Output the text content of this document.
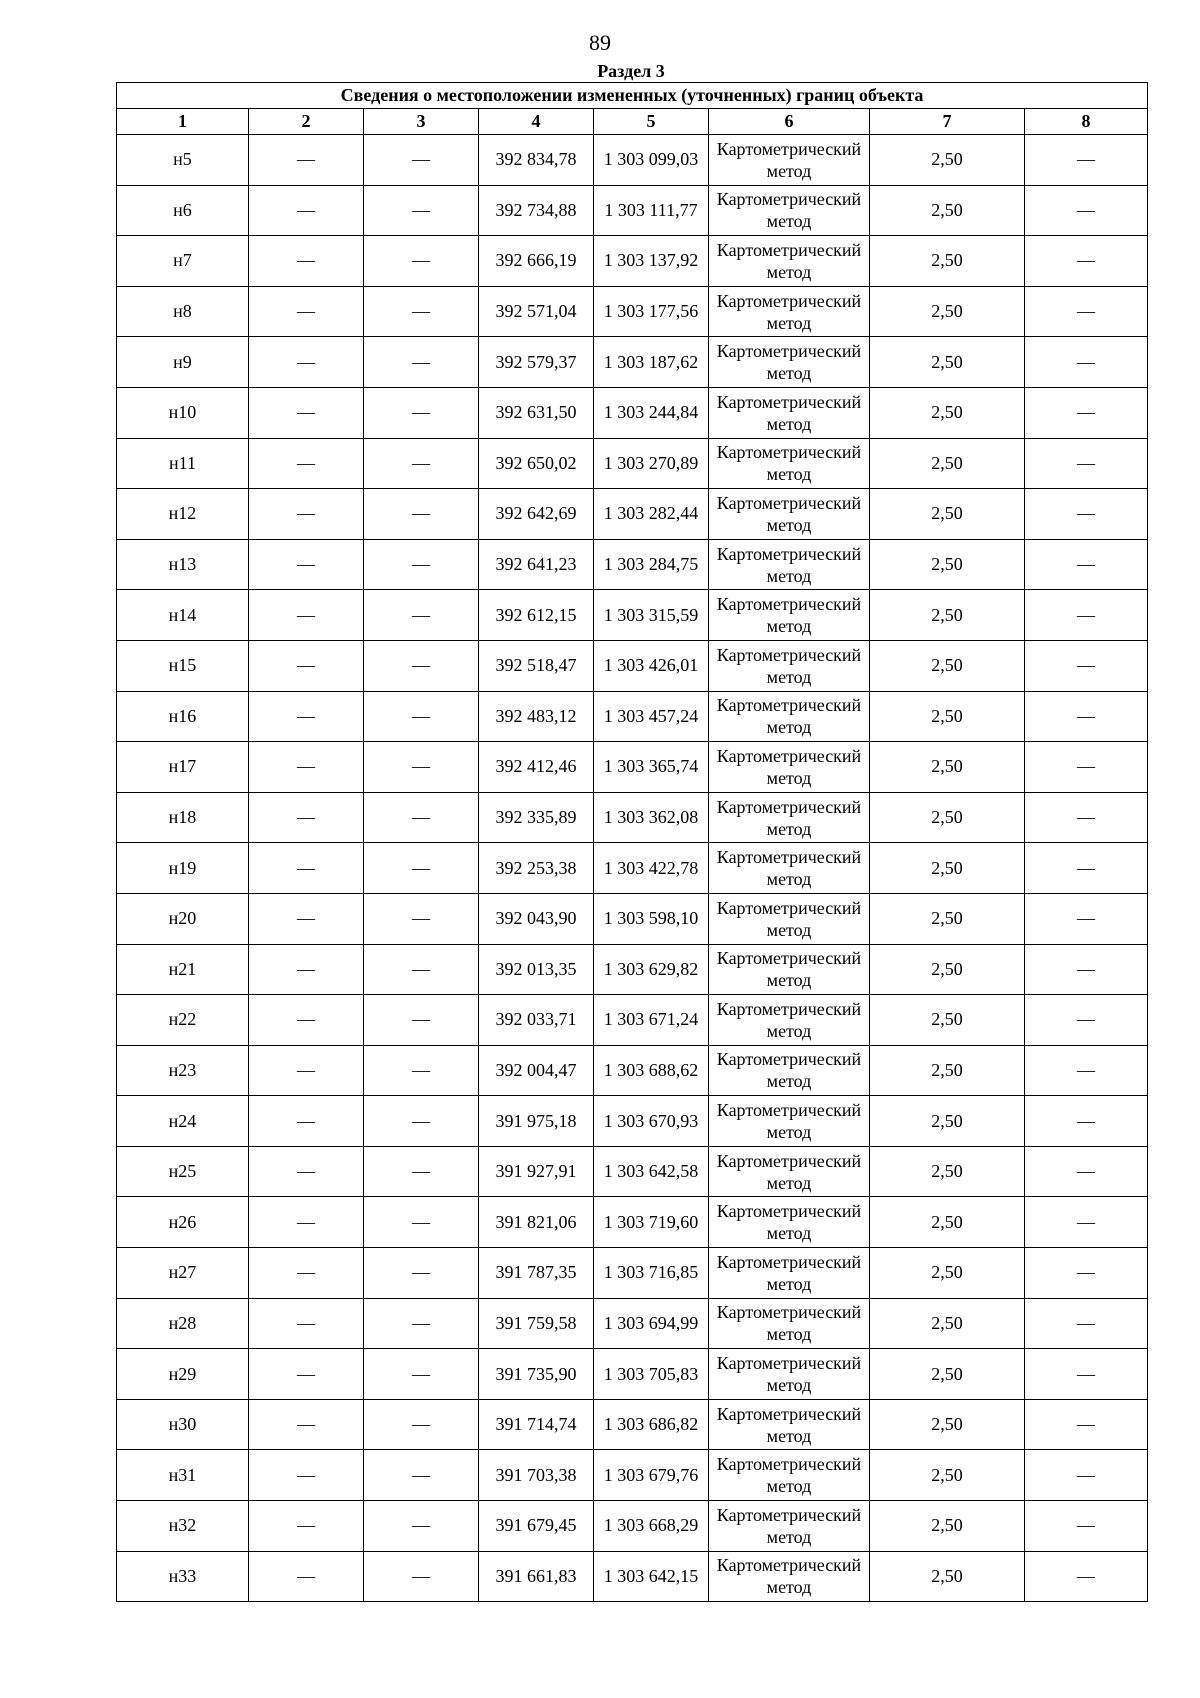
89
Раздел 3
Сведения о местоположении измененных (уточненных) границ объекта							
1	2	3	4	5	6	7	8
н5	—	—	392 834,78	1 303 099,03	Картометрический метод	2,50	—
н6	—	—	392 734,88	1 303 111,77	Картометрический метод	2,50	—
н7	—	—	392 666,19	1 303 137,92	Картометрический метод	2,50	—
н8	—	—	392 571,04	1 303 177,56	Картометрический метод	2,50	—
н9	—	—	392 579,37	1 303 187,62	Картометрический метод	2,50	—
н10	—	—	392 631,50	1 303 244,84	Картометрический метод	2,50	—
н11	—	—	392 650,02	1 303 270,89	Картометрический метод	2,50	—
н12	—	—	392 642,69	1 303 282,44	Картометрический метод	2,50	—
н13	—	—	392 641,23	1 303 284,75	Картометрический метод	2,50	—
н14	—	—	392 612,15	1 303 315,59	Картометрический метод	2,50	—
н15	—	—	392 518,47	1 303 426,01	Картометрический метод	2,50	—
н16	—	—	392 483,12	1 303 457,24	Картометрический метод	2,50	—
н17	—	—	392 412,46	1 303 365,74	Картометрический метод	2,50	—
н18	—	—	392 335,89	1 303 362,08	Картометрический метод	2,50	—
н19	—	—	392 253,38	1 303 422,78	Картометрический метод	2,50	—
н20	—	—	392 043,90	1 303 598,10	Картометрический метод	2,50	—
н21	—	—	392 013,35	1 303 629,82	Картометрический метод	2,50	—
н22	—	—	392 033,71	1 303 671,24	Картометрический метод	2,50	—
н23	—	—	392 004,47	1 303 688,62	Картометрический метод	2,50	—
н24	—	—	391 975,18	1 303 670,93	Картометрический метод	2,50	—
н25	—	—	391 927,91	1 303 642,58	Картометрический метод	2,50	—
н26	—	—	391 821,06	1 303 719,60	Картометрический метод	2,50	—
н27	—	—	391 787,35	1 303 716,85	Картометрический метод	2,50	—
н28	—	—	391 759,58	1 303 694,99	Картометрический метод	2,50	—
н29	—	—	391 735,90	1 303 705,83	Картометрический метод	2,50	—
н30	—	—	391 714,74	1 303 686,82	Картометрический метод	2,50	—
н31	—	—	391 703,38	1 303 679,76	Картометрический метод	2,50	—
н32	—	—	391 679,45	1 303 668,29	Картометрический метод	2,50	—
н33	—	—	391 661,83	1 303 642,15	Картометрический метод	2,50	—
